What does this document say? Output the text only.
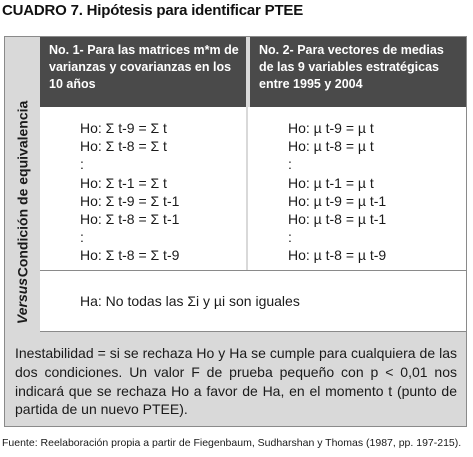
CUADRO 7. Hipótesis para identificar PTEE
No. 1- Para las matrices m*m de
varianzas y covarianzas en los
10 años
No. 2- Para vectores de medias
de las 9 variables estratégicas
entre 1995 y 2004
Condición de equivalencia	Ho: Σ t-9 = Σ t
Ho: Σ t-8 = Σ t
:
Ho: Σ t-1 = Σ t
Ho: Σ t-9 = Σ t-1
Ho: Σ t-8 = Σ t-1
:
Ho: Σ t-8 = Σ t-9
Ho: µ t-9 = µ t
Ho: µ t-8 = µ t
:
Ho: µ t-1 = µ t
Ho: µ t-9 = µ t-1
Ho: µ t-8 = µ t-1
:
Ho: µ t-8 = µ t-9
Versus	Ha: No todas las Σi y µi son iguales
Inestabilidad = si se rechaza Ho y Ha se cumple para cualquiera de las dos condiciones. Un valor F de prueba pequeño con p < 0,01 nos indicará que se rechaza Ho a favor de Ha, en el momento t (punto de partida de un nuevo PTEE).
Fuente: Reelaboración propia a partir de Fiegenbaum, Sudharshan y Thomas (1987, pp. 197-215).
